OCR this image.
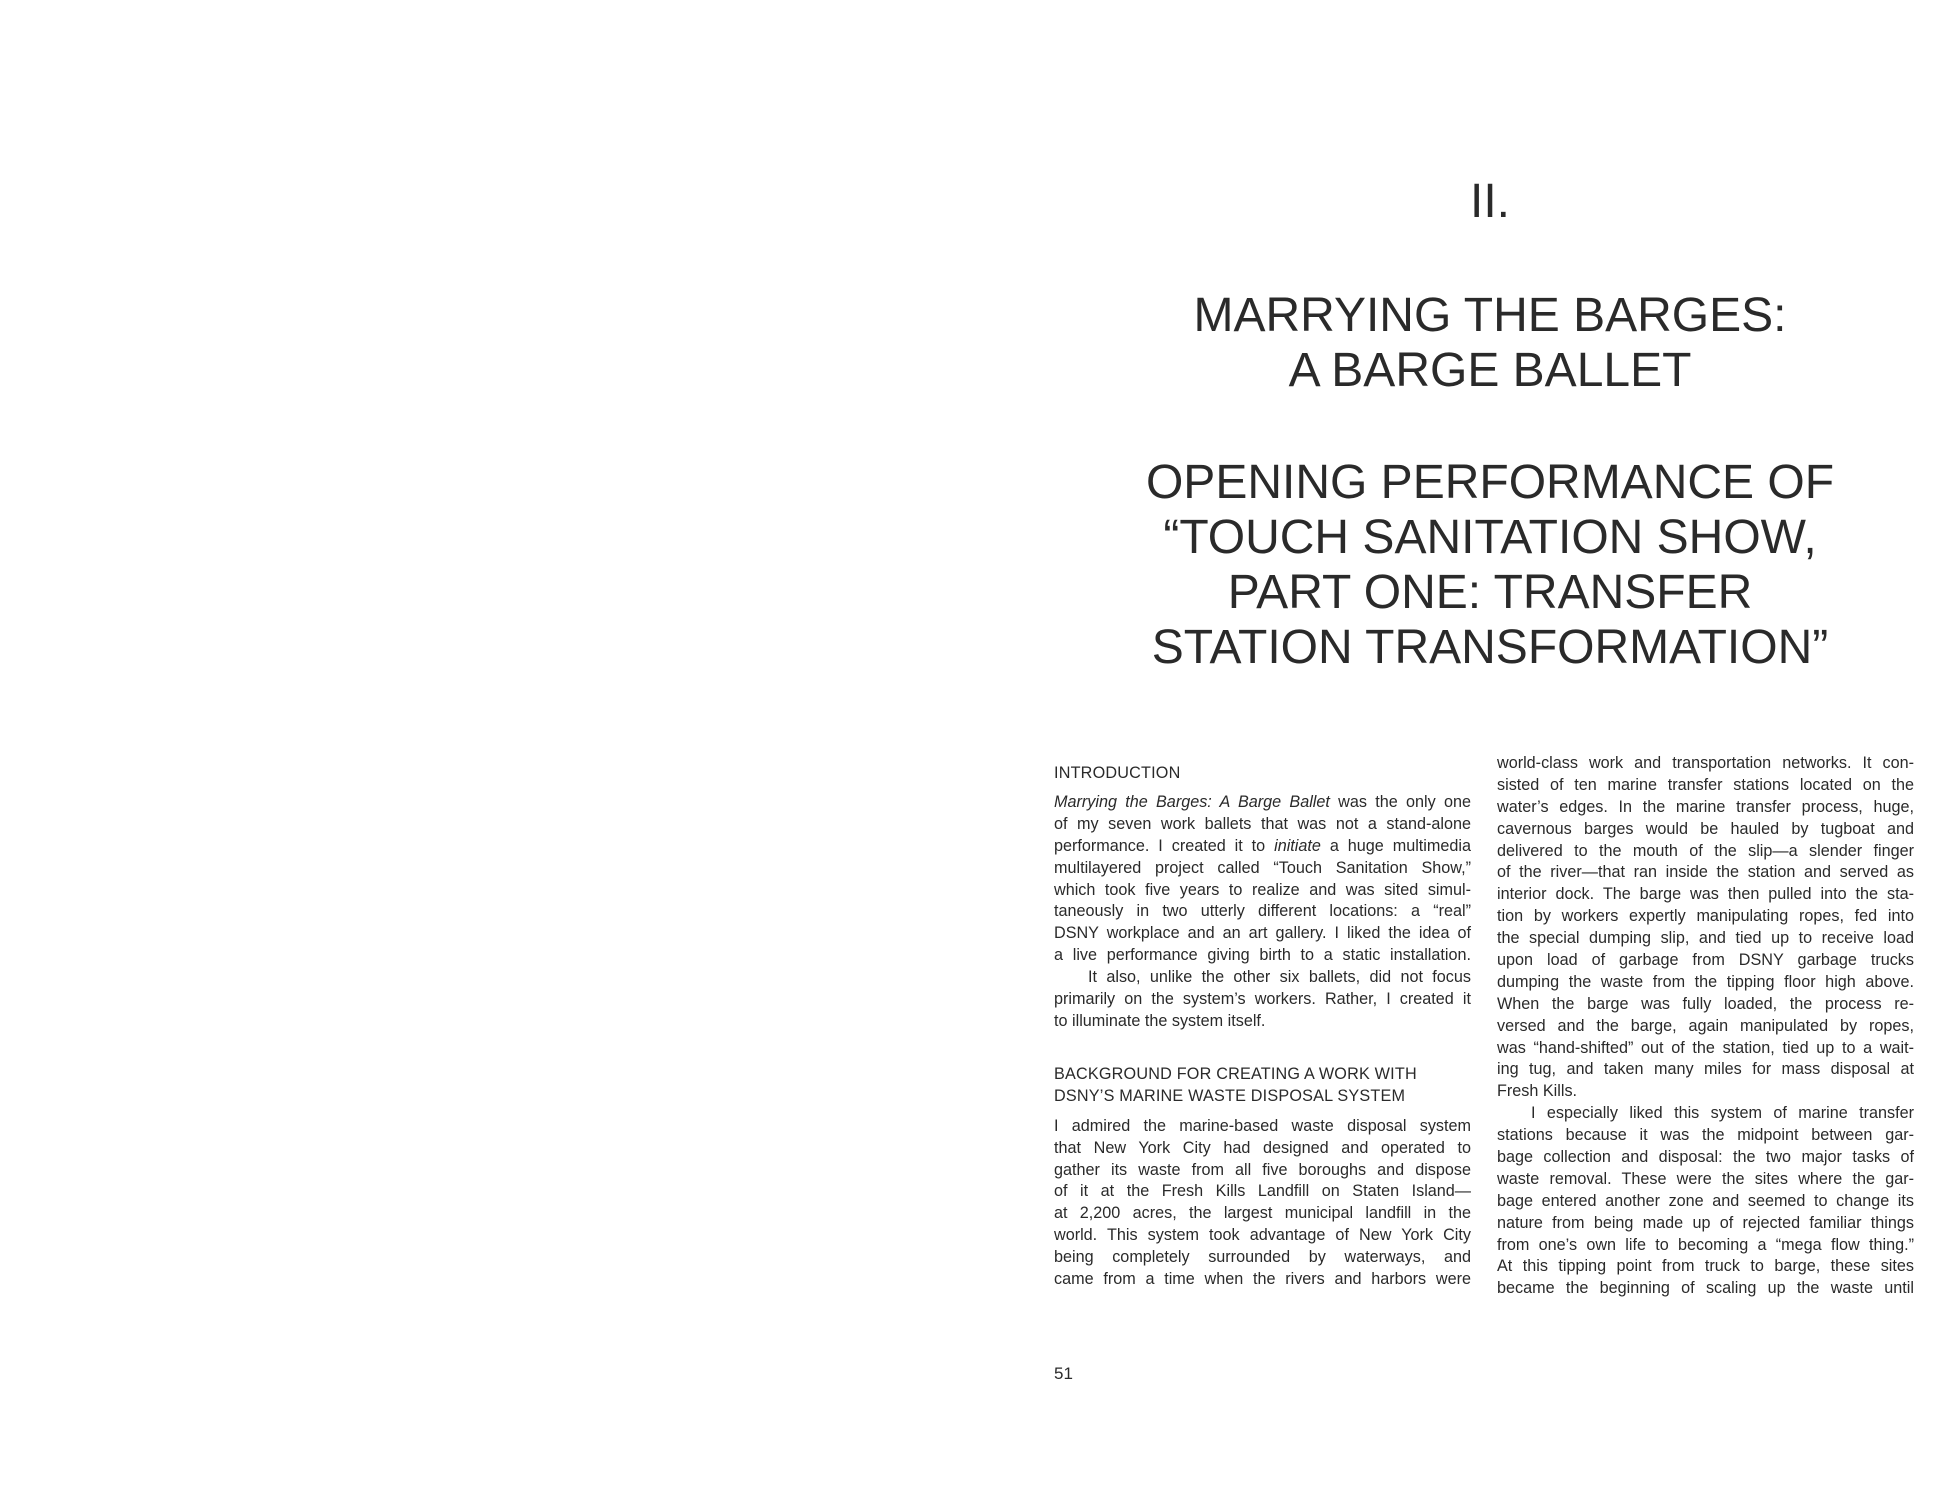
II.
MARRYING THE BARGES:
A BARGE BALLET
OPENING PERFORMANCE OF
“TOUCH SANITATION SHOW,
PART ONE: TRANSFER
STATION TRANSFORMATION”
INTRODUCTION
Marrying the Barges: A Barge Ballet was the only one
of my seven work ballets that was not a stand-alone
performance. I created it to initiate a huge multimedia
multilayered project called “Touch Sanitation Show,”
which took five years to realize and was sited simul-
taneously in two utterly different locations: a “real”
DSNY workplace and an art gallery. I liked the idea of
a live performance giving birth to a static installation.
It also, unlike the other six ballets, did not focus
primarily on the system’s workers. Rather, I created it
to illuminate the system itself.
BACKGROUND FOR CREATING A WORK WITH
DSNY’S MARINE WASTE DISPOSAL SYSTEM
I admired the marine-based waste disposal system
that New York City had designed and operated to
gather its waste from all five boroughs and dispose
of it at the Fresh Kills Landfill on Staten Island—
at 2,200 acres, the largest municipal landfill in the
world. This system took advantage of New York City
being completely surrounded by waterways, and
came from a time when the rivers and harbors were
world-class work and transportation networks. It con-
sisted of ten marine transfer stations located on the
water’s edges. In the marine transfer process, huge,
cavernous barges would be hauled by tugboat and
delivered to the mouth of the slip—a slender finger
of the river—that ran inside the station and served as
interior dock. The barge was then pulled into the sta-
tion by workers expertly manipulating ropes, fed into
the special dumping slip, and tied up to receive load
upon load of garbage from DSNY garbage trucks
dumping the waste from the tipping floor high above.
When the barge was fully loaded, the process re-
versed and the barge, again manipulated by ropes,
was “hand-shifted” out of the station, tied up to a wait-
ing tug, and taken many miles for mass disposal at
Fresh Kills.
I especially liked this system of marine transfer
stations because it was the midpoint between gar-
bage collection and disposal: the two major tasks of
waste removal. These were the sites where the gar-
bage entered another zone and seemed to change its
nature from being made up of rejected familiar things
from one’s own life to becoming a “mega flow thing.”
At this tipping point from truck to barge, these sites
became the beginning of scaling up the waste until
51
